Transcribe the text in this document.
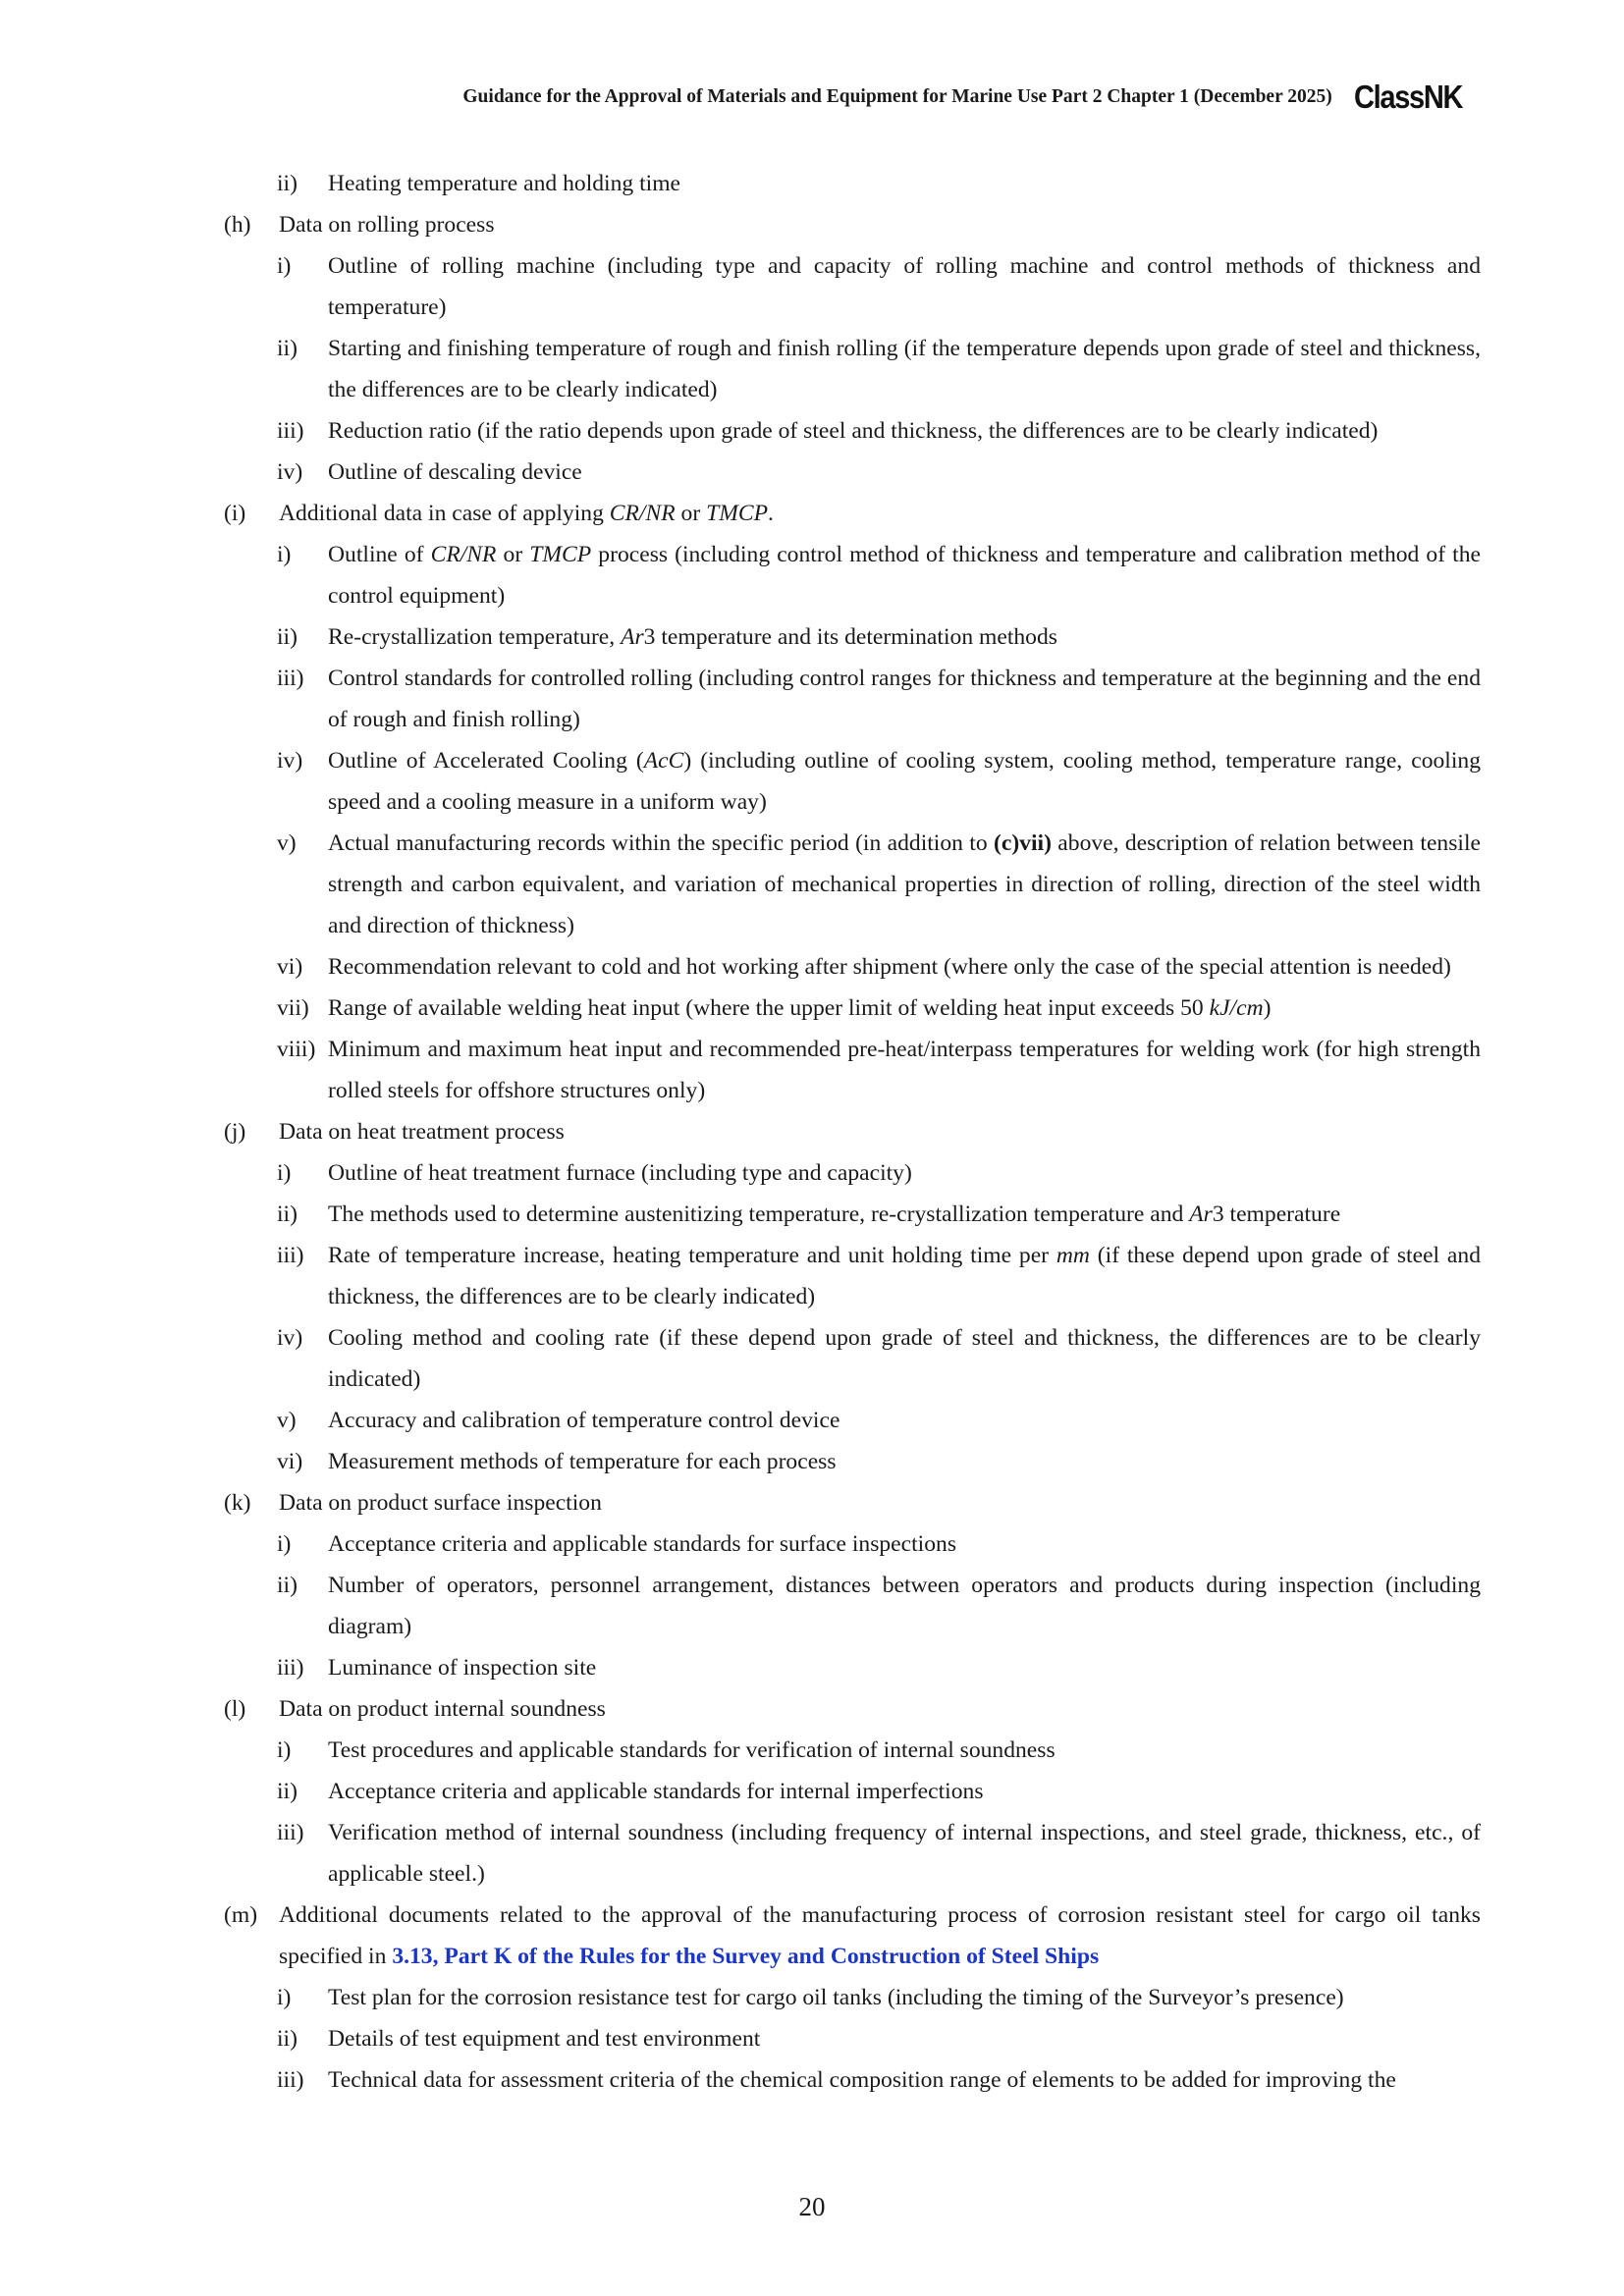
Guidance for the Approval of Materials and Equipment for Marine Use Part 2 Chapter 1 (December 2025) ClassNK
ii) Heating temperature and holding time
(h) Data on rolling process
i) Outline of rolling machine (including type and capacity of rolling machine and control methods of thickness and temperature)
ii) Starting and finishing temperature of rough and finish rolling (if the temperature depends upon grade of steel and thickness, the differences are to be clearly indicated)
iii) Reduction ratio (if the ratio depends upon grade of steel and thickness, the differences are to be clearly indicated)
iv) Outline of descaling device
(i) Additional data in case of applying CR/NR or TMCP.
i) Outline of CR/NR or TMCP process (including control method of thickness and temperature and calibration method of the control equipment)
ii) Re-crystallization temperature, Ar3 temperature and its determination methods
iii) Control standards for controlled rolling (including control ranges for thickness and temperature at the beginning and the end of rough and finish rolling)
iv) Outline of Accelerated Cooling (AcC) (including outline of cooling system, cooling method, temperature range, cooling speed and a cooling measure in a uniform way)
v) Actual manufacturing records within the specific period (in addition to (c)vii) above, description of relation between tensile strength and carbon equivalent, and variation of mechanical properties in direction of rolling, direction of the steel width and direction of thickness)
vi) Recommendation relevant to cold and hot working after shipment (where only the case of the special attention is needed)
vii) Range of available welding heat input (where the upper limit of welding heat input exceeds 50 kJ/cm)
viii) Minimum and maximum heat input and recommended pre-heat/interpass temperatures for welding work (for high strength rolled steels for offshore structures only)
(j) Data on heat treatment process
i) Outline of heat treatment furnace (including type and capacity)
ii) The methods used to determine austenitizing temperature, re-crystallization temperature and Ar3 temperature
iii) Rate of temperature increase, heating temperature and unit holding time per mm (if these depend upon grade of steel and thickness, the differences are to be clearly indicated)
iv) Cooling method and cooling rate (if these depend upon grade of steel and thickness, the differences are to be clearly indicated)
v) Accuracy and calibration of temperature control device
vi) Measurement methods of temperature for each process
(k) Data on product surface inspection
i) Acceptance criteria and applicable standards for surface inspections
ii) Number of operators, personnel arrangement, distances between operators and products during inspection (including diagram)
iii) Luminance of inspection site
(l) Data on product internal soundness
i) Test procedures and applicable standards for verification of internal soundness
ii) Acceptance criteria and applicable standards for internal imperfections
iii) Verification method of internal soundness (including frequency of internal inspections, and steel grade, thickness, etc., of applicable steel.)
(m) Additional documents related to the approval of the manufacturing process of corrosion resistant steel for cargo oil tanks specified in 3.13, Part K of the Rules for the Survey and Construction of Steel Ships
i) Test plan for the corrosion resistance test for cargo oil tanks (including the timing of the Surveyor’s presence)
ii) Details of test equipment and test environment
iii) Technical data for assessment criteria of the chemical composition range of elements to be added for improving the
20
